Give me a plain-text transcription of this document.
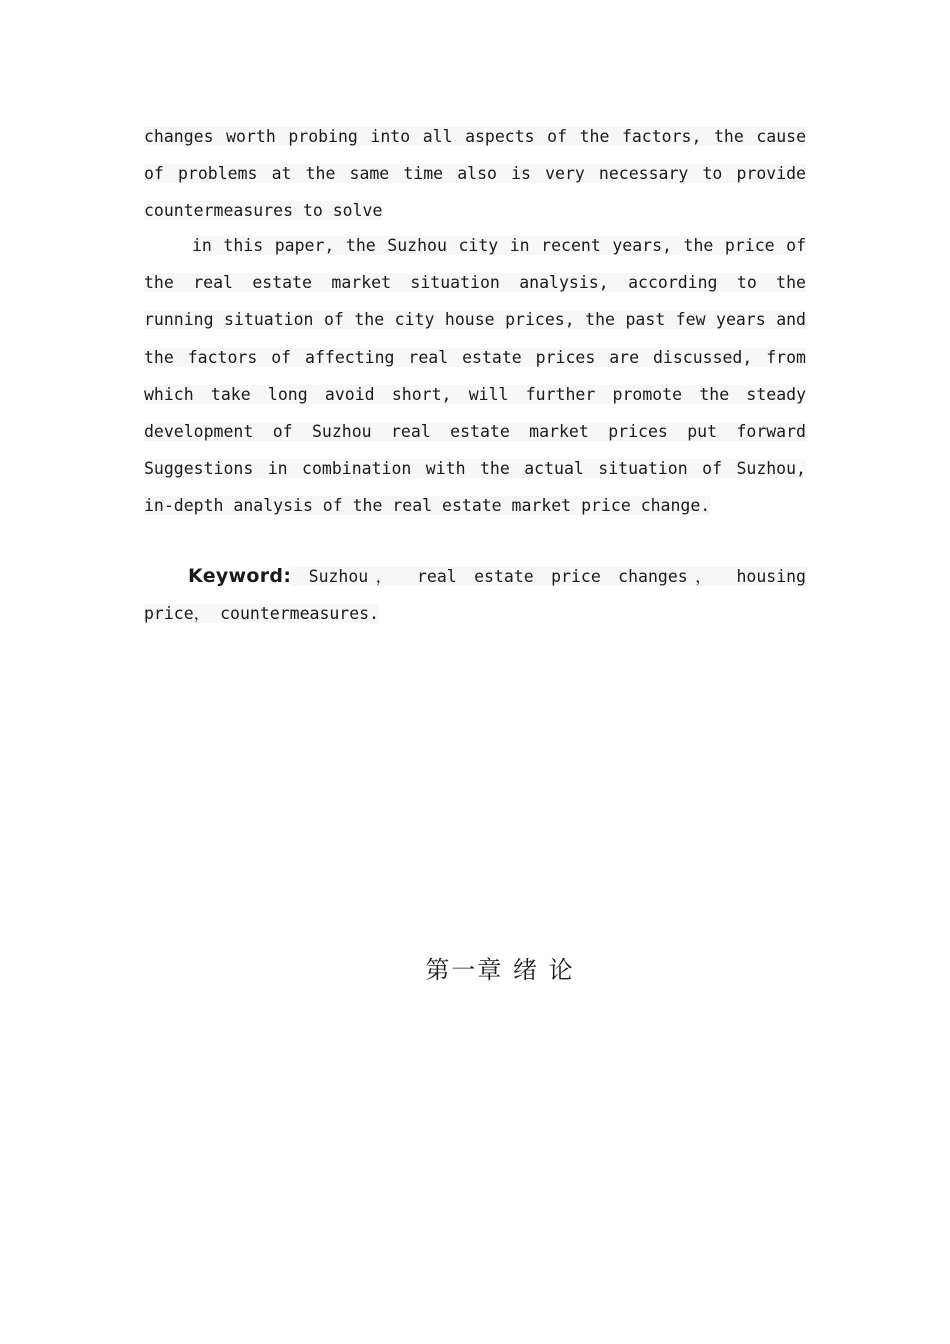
changes worth probing into all aspects of the factors, the cause of problems at the same time also is very necessary to provide countermeasures to solve

in this paper, the Suzhou city in recent years, the price of the real estate market situation analysis, according to the running situation of the city house prices, the past few years and the factors of affecting real estate prices are discussed, from which take long avoid short, will further promote the steady development of Suzhou real estate market prices put forward Suggestions in combination with the actual situation of Suzhou, in-depth analysis of the real estate market price change.

Keyword: Suzhou， real estate price changes， housing price， countermeasures.

第一章 绪 论
